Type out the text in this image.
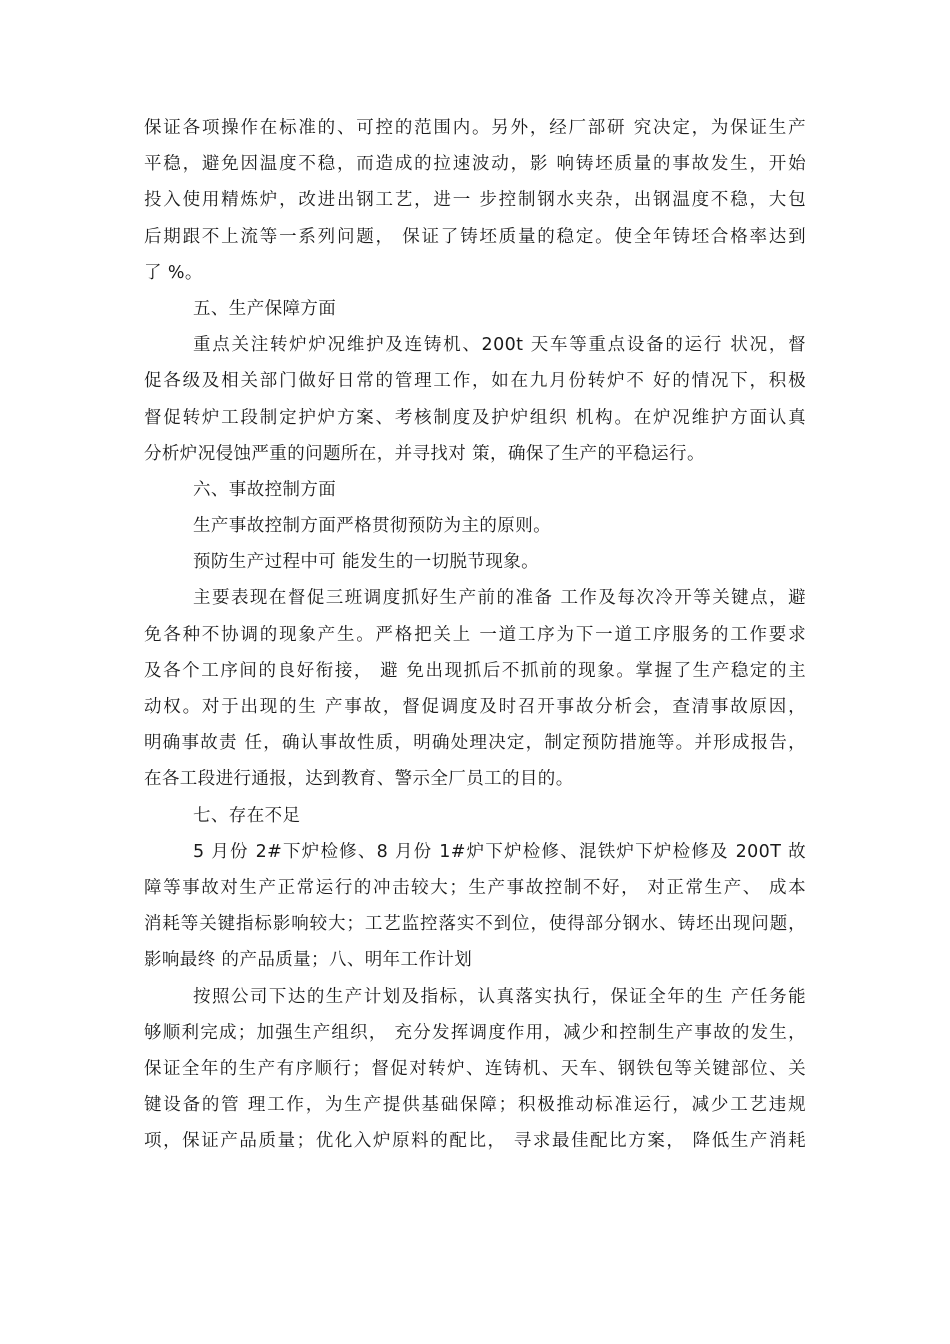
保证各项操作在标准的、可控的范围内。另外，经厂部研 究决定，为保证生产
平稳，避免因温度不稳，而造成的拉速波动，影 响铸坯质量的事故发生，开始
投入使用精炼炉，改进出钢工艺，进一 步控制钢水夹杂，出钢温度不稳，大包
后期跟不上流等一系列问题， 保证了铸坯质量的稳定。使全年铸坯合格率达到
了 %。
五、生产保障方面
重点关注转炉炉况维护及连铸机、200t 天车等重点设备的运行 状况，督
促各级及相关部门做好日常的管理工作，如在九月份转炉不 好的情况下，积极
督促转炉工段制定护炉方案、考核制度及护炉组织 机构。在炉况维护方面认真
分析炉况侵蚀严重的问题所在，并寻找对 策，确保了生产的平稳运行。
六、事故控制方面
生产事故控制方面严格贯彻预防为主的原则。
预防生产过程中可 能发生的一切脱节现象。
主要表现在督促三班调度抓好生产前的准备 工作及每次冷开等关键点，避
免各种不协调的现象产生。严格把关上 一道工序为下一道工序服务的工作要求
及各个工序间的良好衔接， 避 免出现抓后不抓前的现象。掌握了生产稳定的主
动权。对于出现的生 产事故，督促调度及时召开事故分析会，查清事故原因，
明确事故责 任，确认事故性质，明确处理决定，制定预防措施等。并形成报告，
在各工段进行通报，达到教育、警示全厂员工的目的。
七、存在不足
5 月份 2#下炉检修、8 月份 1#炉下炉检修、混铁炉下炉检修及 200T 故
障等事故对生产正常运行的冲击较大；生产事故控制不好， 对正常生产、 成本
消耗等关键指标影响较大；工艺监控落实不到位，使得部分钢水、铸坯出现问题，
影响最终 的产品质量；八、明年工作计划
按照公司下达的生产计划及指标，认真落实执行，保证全年的生 产任务能
够顺利完成；加强生产组织， 充分发挥调度作用，减少和控制生产事故的发生，
保证全年的生产有序顺行；督促对转炉、连铸机、天车、钢铁包等关键部位、关
键设备的管 理工作，为生产提供基础保障；积极推动标准运行，减少工艺违规
项，保证产品质量；优化入炉原料的配比， 寻求最佳配比方案， 降低生产消耗
